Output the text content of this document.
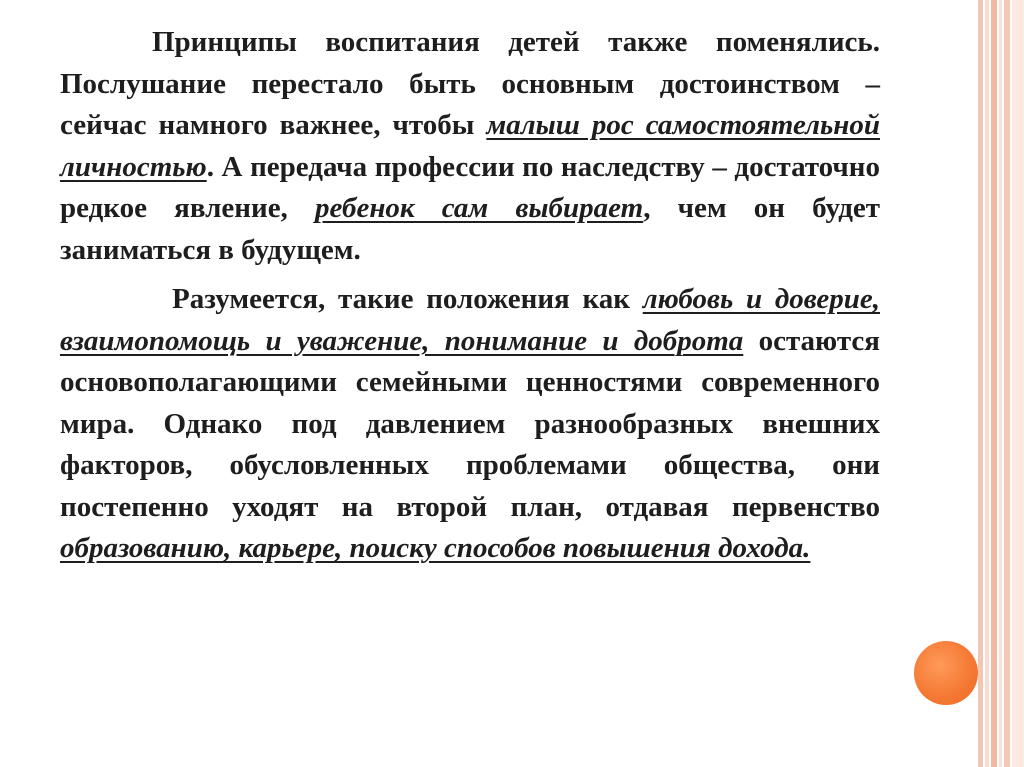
Принципы воспитания детей также поменялись. Послушание перестало быть основным достоинством – сейчас намного важнее, чтобы малыш рос самостоятельной личностью. А передача профессии по наследству – достаточно редкое явление, ребенок сам выбирает, чем он будет заниматься в будущем.

Разумеется, такие положения как любовь и доверие, взаимопомощь и уважение, понимание и доброта остаются основополагающими семейными ценностями современного мира. Однако под давлением разнообразных внешних факторов, обусловленных проблемами общества, они постепенно уходят на второй план, отдавая первенство образованию, карьере, поиску способов повышения дохода.
